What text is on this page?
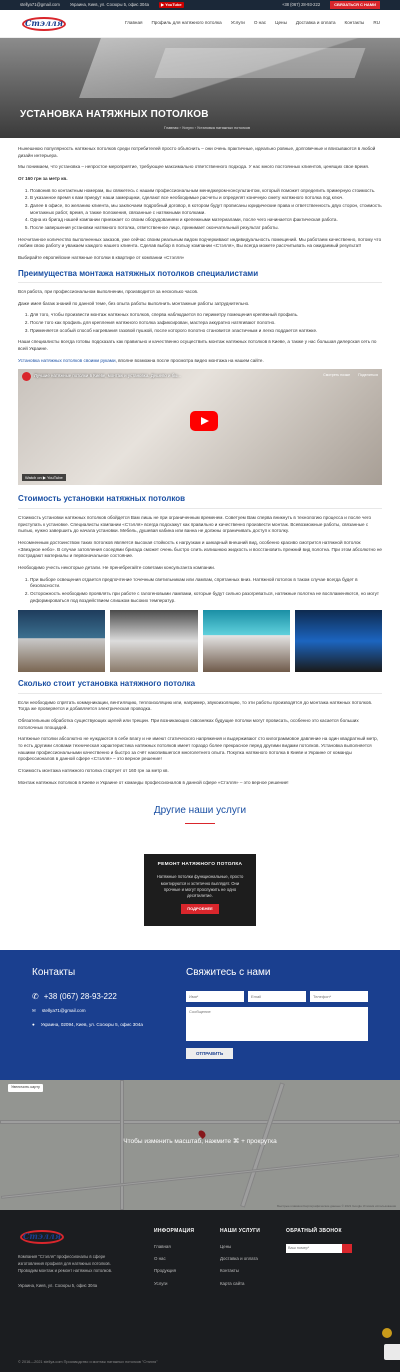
stellya71@gmail.com Украина, Киев, ул. Сосюры 5, офис 304а	▶ YouTube	+38 (067) 28-93-222	СВЯЗАТЬСЯ С НАМИ
Стэлля	Главная Профиль для натяжного потолка Услуги О нас Цены Доставка и оплата Контакты RU
УСТАНОВКА НАТЯЖНЫХ ПОТОЛКОВ
Главная › Услуги › Установка натяжных потолков

Нынешнюю популярность натяжных потолков среди потребителей просто объяснить – они очень практичные, идеально ровные, долговечные и вписываются в любой дизайн интерьера.

Мы понимаем, что установка – непростое мероприятие, требующее максимально ответственного подхода. У нас много постоянных клиентов, ценящих свое время.

От 160 грн за метр кв.

1. Позвонив по контактным номерам, вы свяжетесь с нашим профессиональным менеджером-консультантом, который поможет определить примерную стоимость.
2. В указанное время к вам приедут наши замерщики, сделают все необходимые расчеты и определят конечную смету натяжного потолка под ключ.
3. Далее в офисе, по желанию клиента, мы заключаем подробный договор, в котором будут прописаны юридические права и ответственность двух сторон, стоимость монтажных работ, время, а также положения, связанные с натяжными потолками.
4. Одна из бригад нашей компании приезжает со своим оборудованием и крепежными материалами, после чего начинается фактическая работа.
5. После завершения установки натяжного потолка, ответственное лицо, принимает окончательный результат работы.

Несчитанное количество выполненных заказов, уже сейчас своим реальным видом подчеркивают индивидуальность помещений. Мы работаем качественно, потому что любим свою работу и уважаем каждого нашего клиента. Сделав выбор в пользу компании «Стэлля», Вы всегда можете рассчитывать на ожидаемый результат!

Выбирайте европейские натяжные потолки в квартире от компании «Стэлля»

Преимущества монтажа натяжных потолков специалистами

Вся работа, при профессиональном выполнении, производится за несколько часов.

Даже имея багаж знаний по данной теме, без опыта работы выполнить монтажные работы затруднительно.

1. Для того, чтобы произвести монтаж натяжных потолков, сперва наблюдается по периметру помещения крепёжный профиль.
2. После того как профиль для крепления натяжного потолка зафиксирован, мастера аккуратно натягивают полотно.
3. Применяется особый способ нагревания газовой пушкой, после которого полотно становится эластичным и легко поддается натяжке.

Наши специалисты всегда готовы подсказать как правильно и качественно осуществить монтаж натяжных потолков в Киеве, а также у нас большая дилерская сеть по всей Украине.

Установка натяжных потолков своими руками, вполне возможна после просмотра видео монтажа на нашем сайте.

Лучшие натяжные потолки в Киеве, монтаж и установка. Дешево и бы...	Смотреть позже Поделиться
Watch on ▶ YouTube
Стоимость установки натяжных потолков

Стоимость установки натяжных потолков обойдется Вам лишь не при ограниченным временем. Советуем Вам сперва вникнуть в технологию процесса и после чего приступать к установке. Специалисты компании «Стэлля» всегда подскажут как правильно и качественно произвести монтаж. Всевозможные работы, связанные с пылью, нужно завершить до начала установки. Мебель, душевая кабина или ванна не должны ограничивать доступ к потолку.

Несомненным достоинством таких потолков является высокая стойкость к нагрузкам и шикарный внешний вид, особенно красиво смотрится натяжной потолок «Звездное небо». В случае затопления соседями бригада сможет очень быстро слить излишнюю жидкость и восстановить прежний вид полотна. При этом абсолютно не пострадают материалы и первоначальное состояние.

Необходимо учесть некоторые детали. Не пренебрегайте советами консультанта компании.

1. При выборе освещения отдается предпочтение точечным светильникам или лампам, спрятанных вниз. Натяжной потолок в таком случае всегда будет в безопасности.
2. Осторожность необходимо проявлять при работе с галогеновыми лампами, которые будут сильно разогреваться, натяжные полотна не воспламеняются, но могут деформироваться под воздействием слишком высоких температур.
Сколько стоит установка натяжного потолка

Если необходимо спрятать коммуникации, вентиляцию, теплоизоляцию или, например, звукоизоляцию, то эти работы производятся до монтажа натяжных потолков. Тогда же проверяется и добавляется электрическая проводка.

Обязательным обработка существующих щелей или трещин. При возникающих сквозняках будущие потолки могут провисать, особенно это касается больших потолочных площадей.

Натяжные потолки абсолютно не нуждаются в себе влагу и не имеют статического напряжения и выдерживают сто килограммовое давление на один квадратный метр, то есть другими словами техническая характеристика натяжных потолков имеет гораздо более прекрасное перед другими видами потолков. Установка выполняется нашими профессиональными качественно и быстро за счёт накопившегося многолетнего опыта. Покупка натяжного потолка в Киеве и Украине от команды профессионалов в данной сфере «Стэлля» – это верное решение!

Стоимость монтажа натяжного потолка стартует от 160 грн за метр кв.

Монтаж натяжных потолков в Киеве и Украине от команды профессионалов в данной сфере «Стэлля» – это верное решение!

Другие наши услуги
РЕМОНТ НАТЯЖНОГО ПОТОЛКА
Натяжные потолки функциональные, просто монтируются и эстетично выглядят. Они прочные и могут прослужить не одно десятилетие.
ПОДРОБНЕЕ
Контакты
✆ +38 (067) 28-93-222
✉ stellya71@gmail.com
● Украина, 02094, Киев, ул. Сосюры 5, офис 304а
Свяжитесь с нами
Имя*
Email
Телефон*
Сообщение ОТПРАВИТЬ
Чтобы изменить масштаб, нажмите ⌘ + прокрутка
Увеличить карту
Быстрые клавиши Картографические данные © 2021 Google Условия использования
Стэлля

Компания "Стэлля" профессионалы в сфере изготовления профиля для натяжных потолков. Проводим монтаж и ремонт натяжных потолков.

Украина, Киев, ул. Сосюры 5, офис 304а

ИНФОРМАЦИЯ
Главная
О нас
Продукция
Услуги
НАШИ УСЛУГИ
Цены
Доставка и оплата
Контакты
Карта сайта
ОБРАТНЫЙ ЗВОНОК
Ваш номер*
© 2016—2021 stellya.com Производство и монтаж натяжных потолков "Стэлля"
